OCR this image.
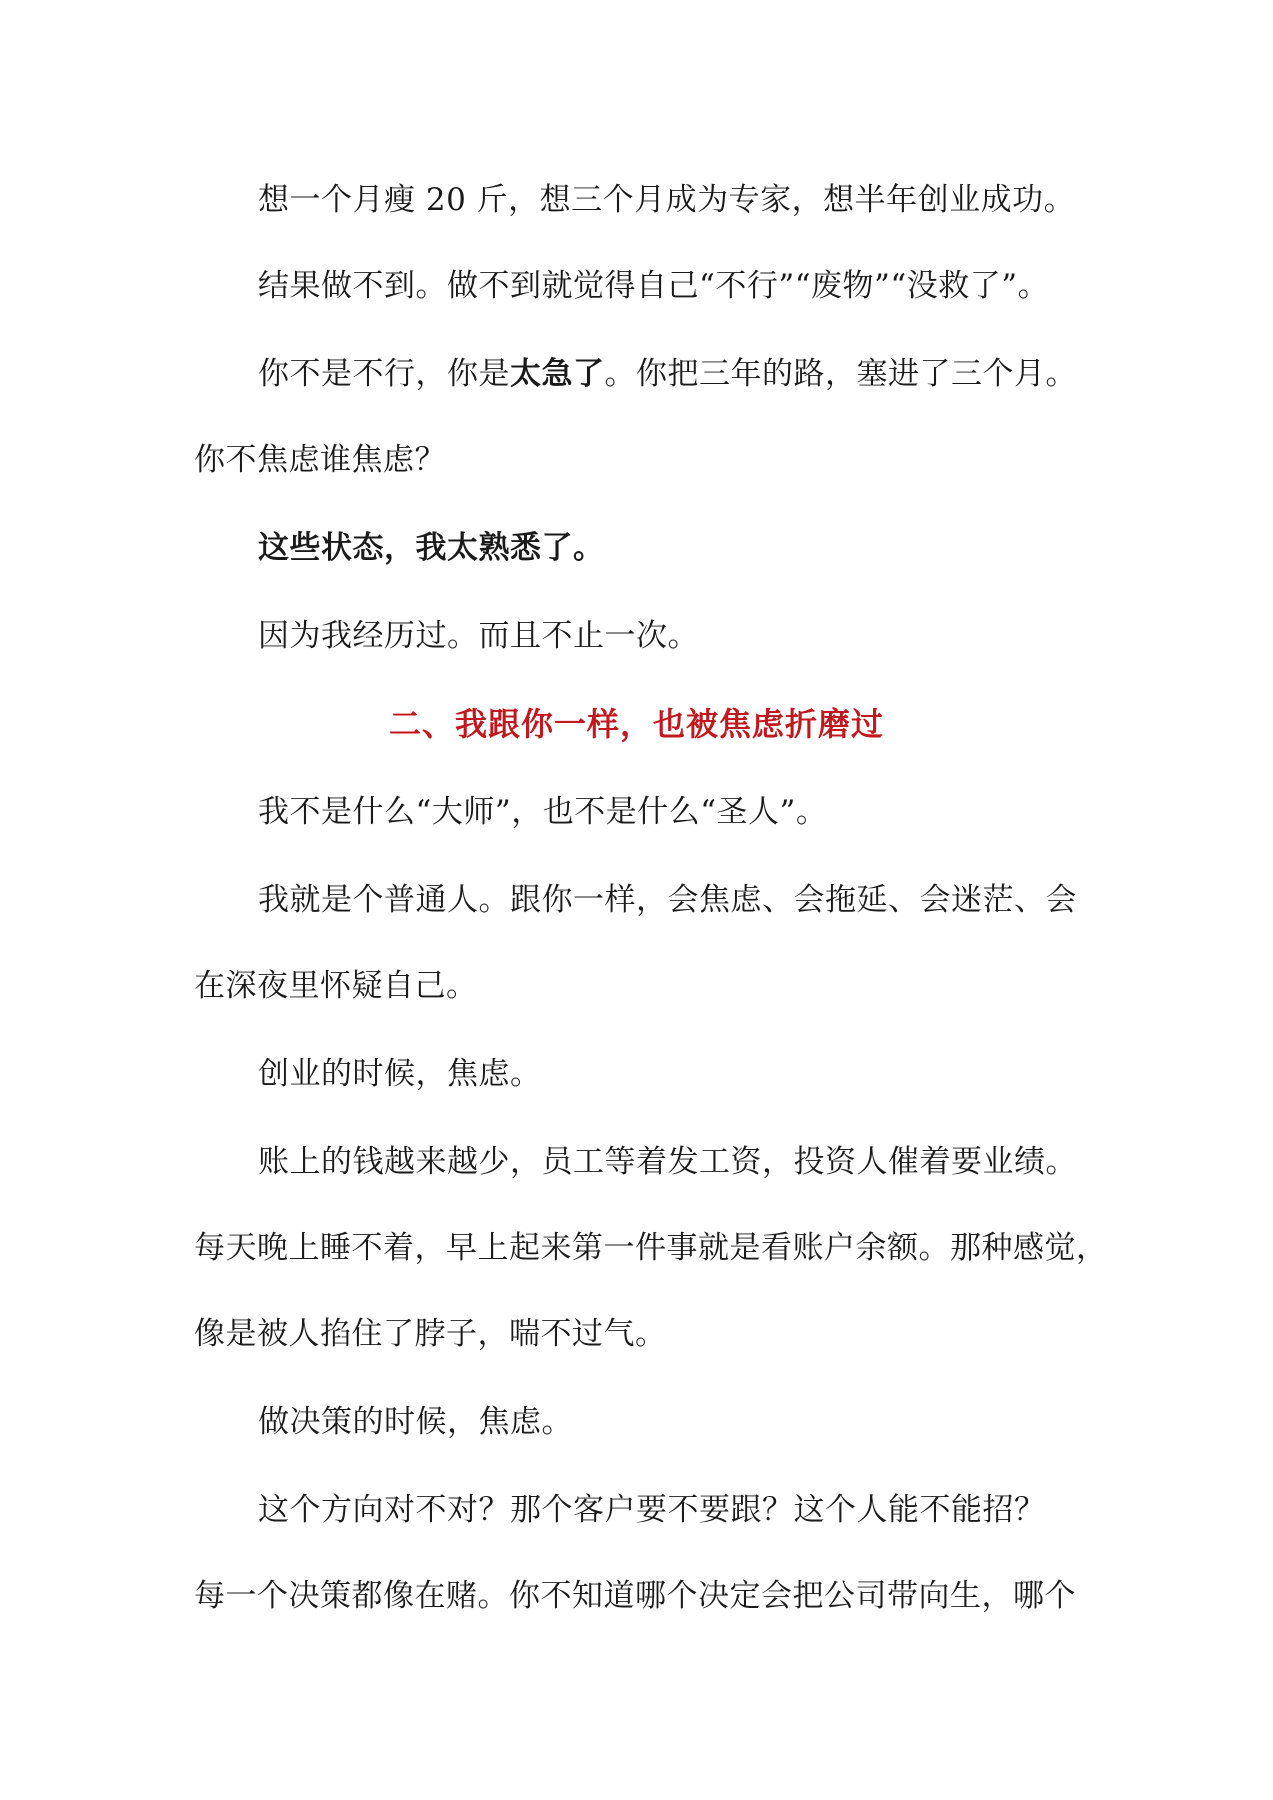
想一个月瘦 20 斤，想三个月成为专家，想半年创业成功。
结果做不到。做不到就觉得自己“不行”“废物”“没救了”。
你不是不行，你是太急了。你把三年的路，塞进了三个月。
你不焦虑谁焦虑？
这些状态，我太熟悉了。
因为我经历过。而且不止一次。
二、我跟你一样，也被焦虑折磨过
我不是什么“大师”，也不是什么“圣人”。
我就是个普通人。跟你一样，会焦虑、会拖延、会迷茫、会
在深夜里怀疑自己。
创业的时候，焦虑。
账上的钱越来越少，员工等着发工资，投资人催着要业绩。
每天晚上睡不着，早上起来第一件事就是看账户余额。那种感觉，
像是被人掐住了脖子，喘不过气。
做决策的时候，焦虑。
这个方向对不对？那个客户要不要跟？这个人能不能招？
每一个决策都像在赌。你不知道哪个决定会把公司带向生，哪个
